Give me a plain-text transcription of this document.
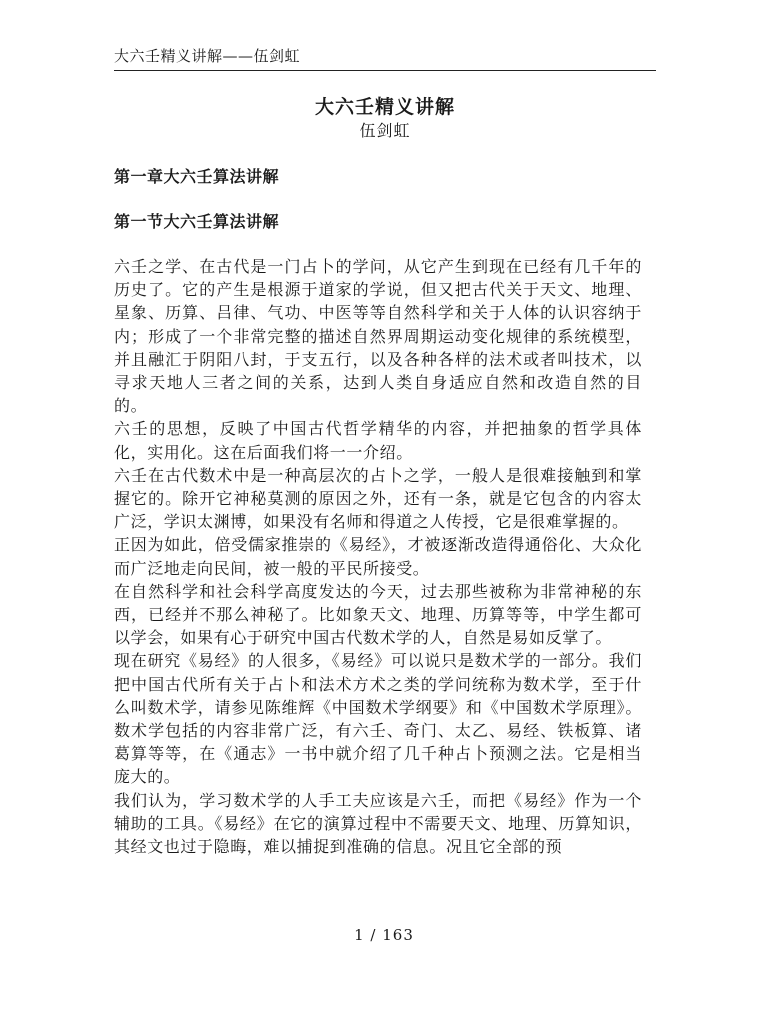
大六壬精义讲解——伍剑虹
大六壬精义讲解
伍剑虹
第一章大六壬算法讲解
第一节大六壬算法讲解

六壬之学、在古代是一门占卜的学问，从它产生到现在已经有几千年的历史了。它的产生是根源于道家的学说，但又把古代关于天文、地理、星象、历算、吕律、气功、中医等等自然科学和关于人体的认识容纳于内；形成了一个非常完整的描述自然界周期运动变化规律的系统模型，并且融汇于阴阳八封，于支五行，以及各种各样的法术或者叫技术，以寻求天地人三者之间的关系，达到人类自身适应自然和改造自然的目的。

六壬的思想，反映了中国古代哲学精华的内容，并把抽象的哲学具体化，实用化。这在后面我们将一一介绍。

六壬在古代数术中是一种高层次的占卜之学，一般人是很难接触到和掌握它的。除开它神秘莫测的原因之外，还有一条，就是它包含的内容太广泛，学识太渊博，如果没有名师和得道之人传授，它是很难掌握的。

正因为如此，倍受儒家推崇的《易经》，才被逐渐改造得通俗化、大众化而广泛地走向民间，被一般的平民所接受。

在自然科学和社会科学高度发达的今天，过去那些被称为非常神秘的东西，已经并不那么神秘了。比如象天文、地理、历算等等，中学生都可以学会，如果有心于研究中国古代数术学的人，自然是易如反掌了。

现在研究《易经》的人很多，《易经》可以说只是数术学的一部分。我们把中国古代所有关于占卜和法术方术之类的学问统称为数术学，至于什么叫数术学，请参见陈维辉《中国数术学纲要》和《中国数术学原理》。数术学包括的内容非常广泛，有六壬、奇门、太乙、易经、铁板算、诸葛算等等，在《通志》一书中就介绍了几千种占卜预测之法。它是相当庞大的。

我们认为，学习数术学的人手工夫应该是六壬，而把《易经》作为一个辅助的工具。《易经》在它的演算过程中不需要天文、地理、历算知识，其经文也过于隐晦，难以捕捉到准确的信息。况且它全部的预

1 / 163
